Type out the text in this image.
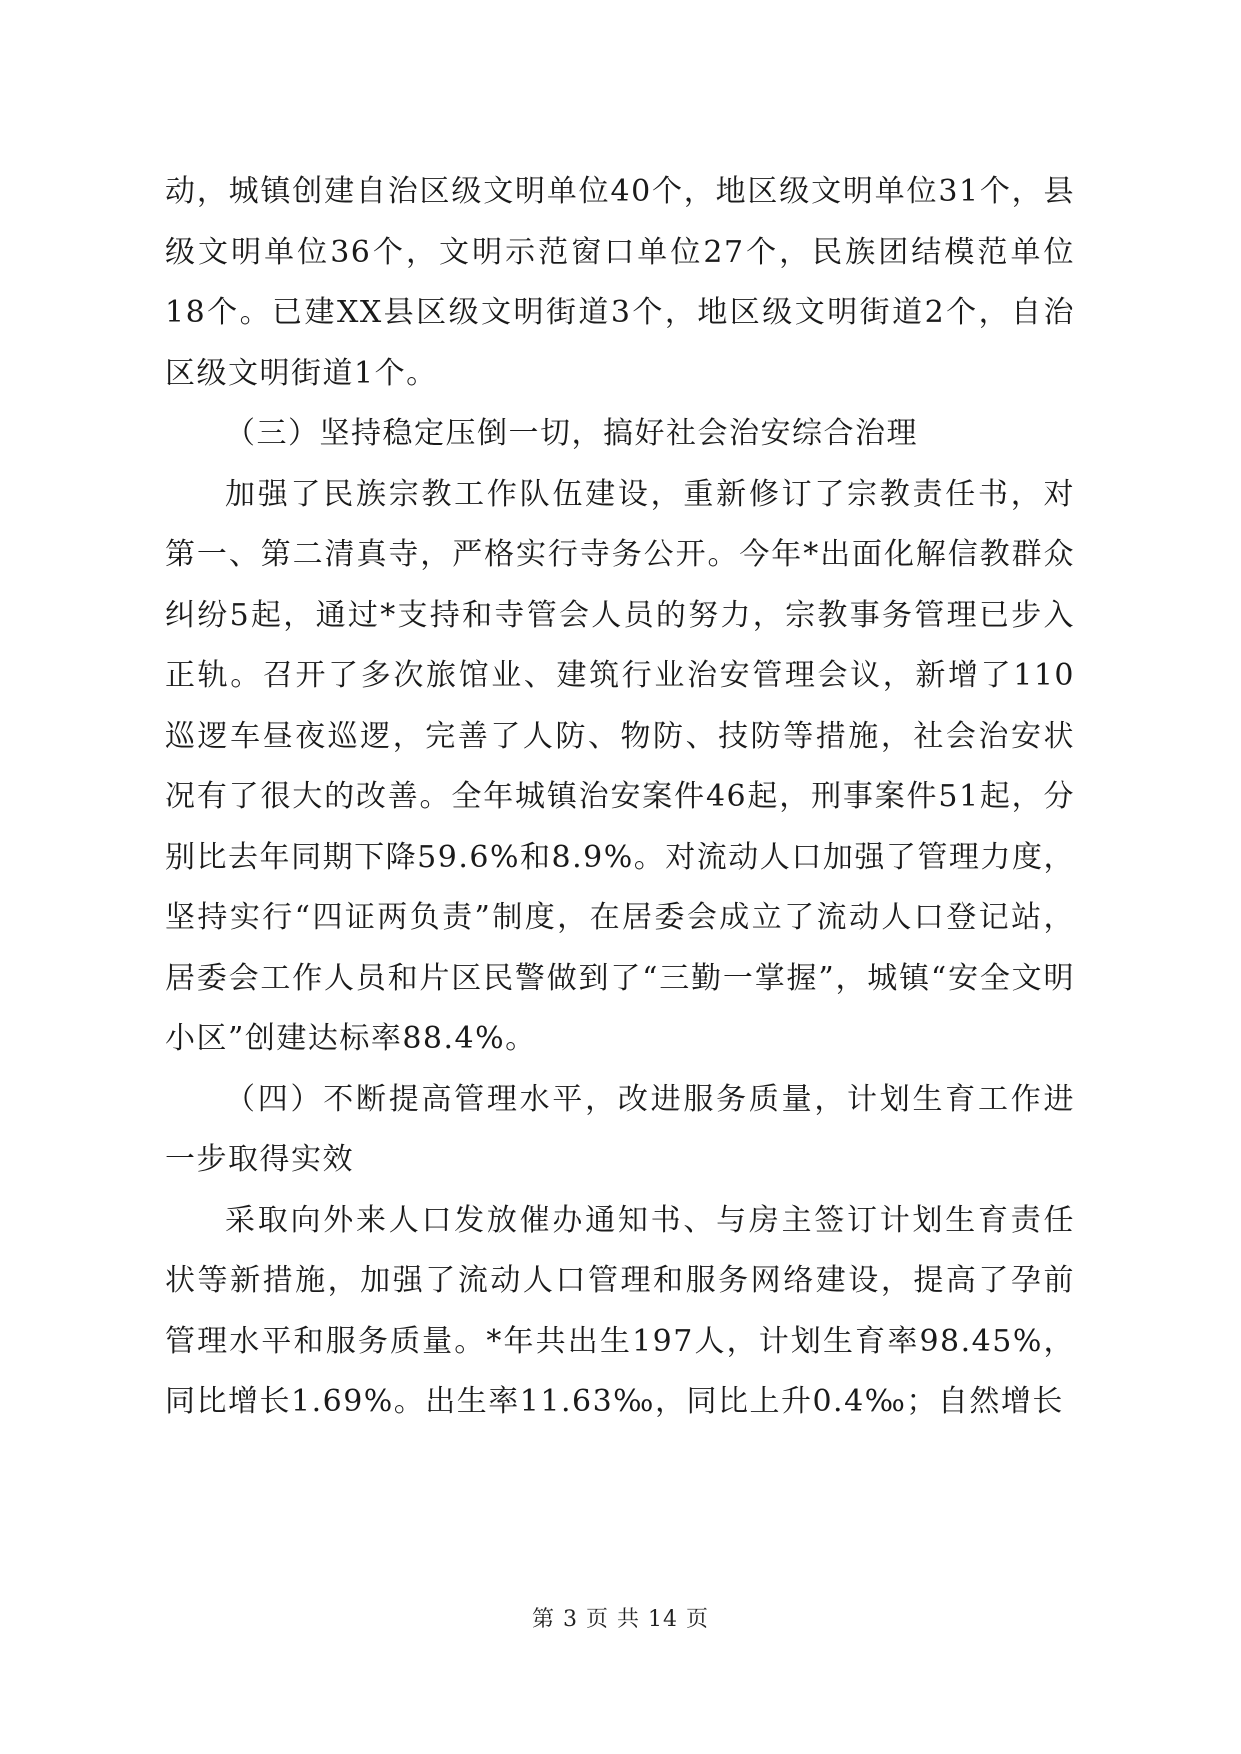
动，城镇创建自治区级文明单位40个，地区级文明单位31个，县级文明单位36个，文明示范窗口单位27个，民族团结模范单位18个。已建XX县区级文明街道3个，地区级文明街道2个，自治区级文明街道1个。

（三）坚持稳定压倒一切，搞好社会治安综合治理

加强了民族宗教工作队伍建设，重新修订了宗教责任书，对第一、第二清真寺，严格实行寺务公开。今年*出面化解信教群众纠纷5起，通过*支持和寺管会人员的努力，宗教事务管理已步入正轨。召开了多次旅馆业、建筑行业治安管理会议，新增了110巡逻车昼夜巡逻，完善了人防、物防、技防等措施，社会治安状况有了很大的改善。全年城镇治安案件46起，刑事案件51起，分别比去年同期下降59.6%和8.9%。对流动人口加强了管理力度，坚持实行“四证两负责”制度，在居委会成立了流动人口登记站，居委会工作人员和片区民警做到了“三勤一掌握”，城镇“安全文明小区”创建达标率88.4%。

（四）不断提高管理水平，改进服务质量，计划生育工作进一步取得实效

采取向外来人口发放催办通知书、与房主签订计划生育责任状等新措施，加强了流动人口管理和服务网络建设，提高了孕前管理水平和服务质量。*年共出生197人，计划生育率98.45%，同比增长1.69%。出生率11.63‰，同比上升0.4‰；自然增长

第 3 页 共 14 页
